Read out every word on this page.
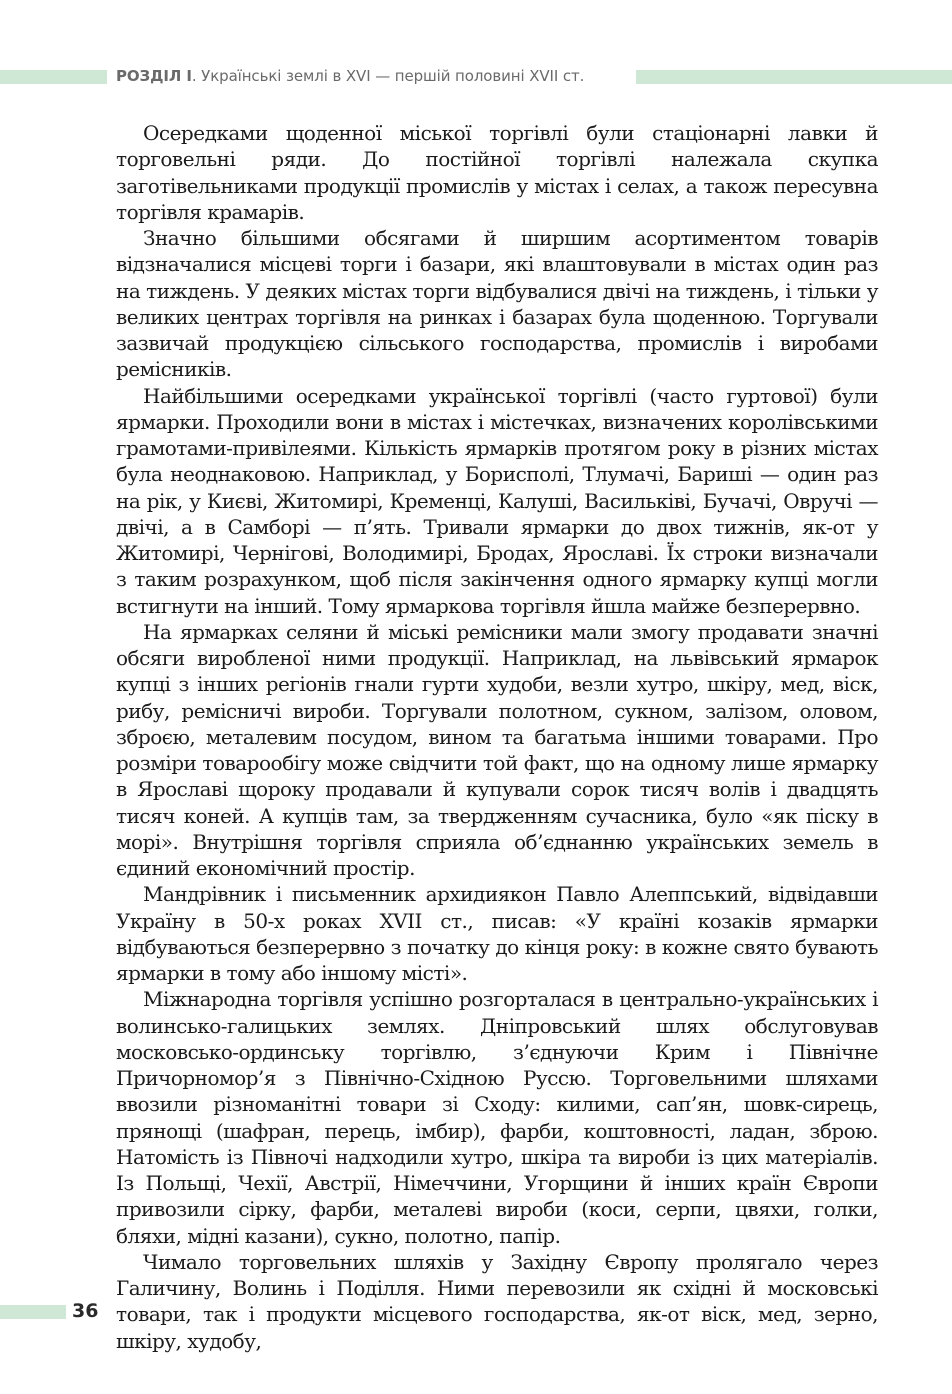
РОЗДІЛ І. Українські землі в XVI — першій половині XVII ст.

Осередками щоденної міської торгівлі були стаціонарні лавки й торговельні ряди. До постійної торгівлі належала скупка заготівельниками продукції промислів у містах і селах, а також пересувна торгівля крамарів.

Значно більшими обсягами й ширшим асортиментом товарів відзначалися місцеві торги і базари, які влаштовували в містах один раз на тиждень. У деяких містах торги відбувалися двічі на тиждень, і тільки у великих центрах торгівля на ринках і базарах була щоденною. Торгували зазвичай продукцією сільського господарства, промислів і виробами ремісників.

Найбільшими осередками української торгівлі (часто гуртової) були ярмарки. Проходили вони в містах і містечках, визначених королівськими грамотами-привілеями. Кількість ярмарків протягом року в різних містах була неоднаковою. Наприклад, у Борисполі, Тлумачі, Бариші — один раз на рік, у Києві, Житомирі, Кременці, Калуші, Васильківі, Бучачі, Овручі — двічі, а в Самборі — п’ять. Тривали ярмарки до двох тижнів, як-от у Житомирі, Чернігові, Володимирі, Бродах, Ярославі. Їх строки визначали з таким розрахунком, щоб після закінчення одного ярмарку купці могли встигнути на інший. Тому ярмаркова торгівля йшла майже безперервно.

На ярмарках селяни й міські ремісники мали змогу продавати значні обсяги виробленої ними продукції. Наприклад, на львівський ярмарок купці з інших регіонів гнали гурти худоби, везли хутро, шкіру, мед, віск, рибу, ремісничі вироби. Торгували полотном, сукном, залізом, оловом, зброєю, металевим посудом, вином та багатьма іншими товарами. Про розміри товарообігу може свідчити той факт, що на одному лише ярмарку в Ярославі щороку продавали й купували сорок тисяч волів і двадцять тисяч коней. А купців там, за твердженням сучасника, було «як піску в морі». Внутрішня торгівля сприяла об’єднанню українських земель в єдиний економічний простір.

Мандрівник і письменник архидиякон Павло Алеппський, відвідавши Україну в 50-х роках XVII ст., писав: «У країні козаків ярмарки відбуваються безперервно з початку до кінця року: в кожне свято бувають ярмарки в тому або іншому місті».

Міжнародна торгівля успішно розгорталася в центрально-українських і волинсько-галицьких землях. Дніпровський шлях обслуговував московсько-ординську торгівлю, з’єднуючи Крим і Північне Причорномор’я з Північно-Східною Руссю. Торговельними шляхами ввозили різноманітні товари зі Сходу: килими, сап’ян, шовк-сирець, прянощі (шафран, перець, імбир), фарби, коштовності, ладан, зброю. Натомість із Півночі надходили хутро, шкіра та вироби із цих матеріалів. Із Польщі, Чехії, Австрії, Німеччини, Угорщини й інших країн Європи привозили сірку, фарби, металеві вироби (коси, серпи, цвяхи, голки, бляхи, мідні казани), сукно, полотно, папір.

Чимало торговельних шляхів у Західну Європу пролягало через Галичину, Волинь і Поділля. Ними перевозили як східні й московські товари, так і продукти місцевого господарства, як-от віск, мед, зерно, шкіру, худобу,

36
